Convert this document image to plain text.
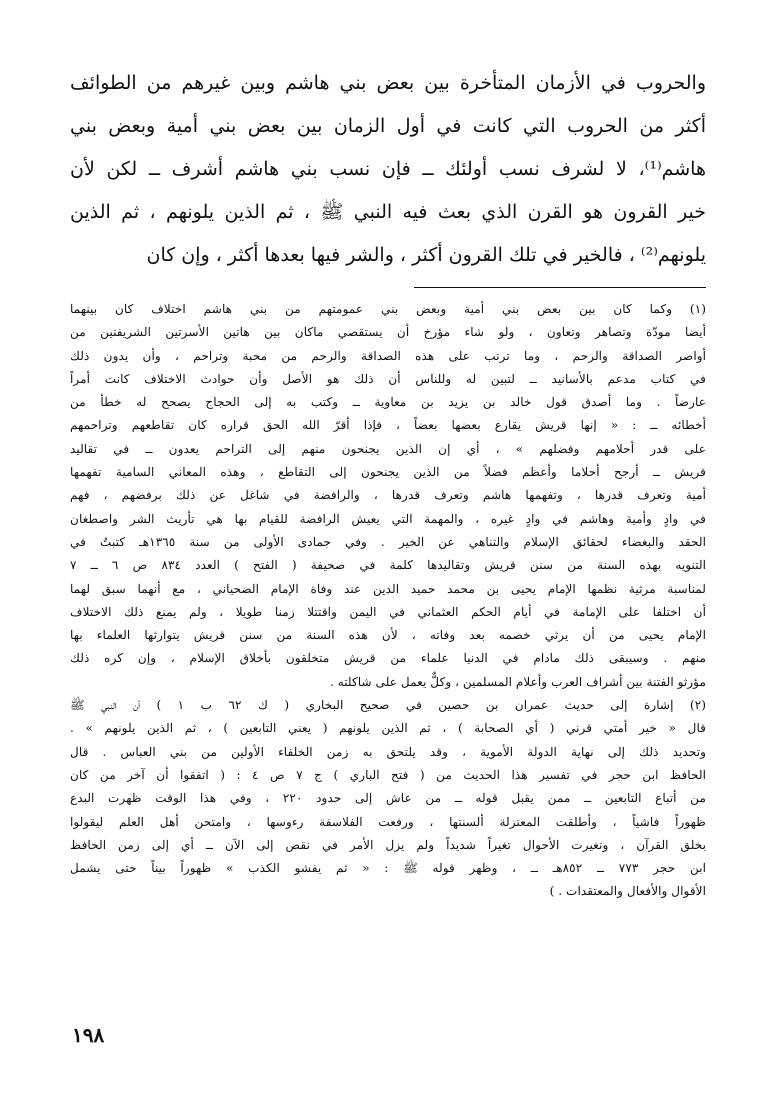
والحروب في الأزمان المتأخرة بين بعض بني هاشم وبين غيرهم من الطوائف
أكثر من الحروب التي كانت في أول الزمان بين بعض بني أمية وبعض بني
هاشم⁽¹⁾، لا لشرف نسب أولئك ــ فإن نسب بني هاشم أشرف ــ لكن لأن
خير القرون هو القرن الذي بعث فيه النبي ﷺ ، ثم الذين يلونهم ، ثم الذين
يلونهم⁽²⁾ ، فالخير في تلك القرون أكثر ، والشر فيها بعدها أكثر ، وإن كان
(١) وكما كان بين بعض بني أمية وبعض بني عمومتهم من بني هاشم اختلاف كان بينهما
أيضا مودّة وتصاهر وتعاون ، ولو شاء مؤرخ أن يستقصي ماكان بين هاتين الأسرتين الشريفتين من
أواصر الصداقة والرحم ، وما ترتب على هذه الصداقة والرحم من محبة وتراحم ، وأن يدون ذلك
في كتاب مدعم بالأسانيد ــ لتبين له وللناس أن ذلك هو الأصل وأن حوادث الاختلاف كانت أمراً
عارضاً . وما أصدق قول خالد بن يزيد بن معاوية ــ وكتب به إلى الحجاج يصحح له خطأ من
أخطائه ــ : « إنها قريش يقارع بعضها بعضاً ، فإذا أقرّ الله الحق قراره كان تقاطعهم وتراحمهم
على قدر أحلامهم وفضلهم » ، أي إن الذين يجنحون منهم إلى التراحم يعدون ــ في تقاليد
قريش ــ أرجح أحلاما وأعظم فضلاً من الذين يجنحون إلى التقاطع ، وهذه المعاني السامية تفهمها
أمية وتعرف قدرها ، وتفهمها هاشم وتعرف قدرها ، والرافضة في شاغل عن ذلك برفضهم ، فهم
في وادٍ وأمية وهاشم في وادٍ غيره ، والمهمة التي يعيش الرافضة للقيام بها هي تأريث الشر واصطغان
الحقد والبغضاء لحقائق الإسلام والتناهي عن الخير . وفي جمادى الأولى من سنة ١٣٦٥هـ كتبتُ في
التنويه بهذه السنة من سنن قريش وتقاليدها كلمة في صحيفة ( الفتح ) العدد ٨٣٤ ص ٦ ــ ٧
لمناسبة مرثية نظمها الإمام يحيى بن محمد حميد الدين عند وفاة الإمام الضحياني ، مع أنهما سبق لهما
أن اختلفا على الإمامة في أيام الحكم العثماني في اليمن واقتتلا زمنا طويلا ، ولم يمنع ذلك الاختلاف
الإمام يحيى من أن يرثي خصمه بعد وفاته ، لأن هذه السنة من سنن قريش يتوارثها العلماء بها
منهم . وسيبقى ذلك مادام في الدنيا علماء من قريش متخلقون بأخلاق الإسلام ، وإن كره ذلك
مؤرثو الفتنة بين أشراف العرب وأعلام المسلمين ، وكلٌّ يعمل على شاكلته .
(٢) إشارة إلى حديث عمران بن حصين في صحيح البخاري ( ك ٦٢ ب ١ ) أن النبي ﷺ
قال « خير أمتي قرني ( أي الصحابة ) ، ثم الذين يلونهم ( يعني التابعين ) ، ثم الذين يلونهم » .
وتحديد ذلك إلى نهاية الدولة الأموية ، وقد يلتحق به زمن الخلفاء الأولين من بني العباس . قال
الحافظ ابن حجر في تفسير هذا الحديث من ( فتح الباري ) ج ٧ ص ٤ : ( اتفقوا أن آخر من كان
من أتباع التابعين ــ ممن يقبل قوله ــ من عاش إلى حدود ٢٢٠ ، وفي هذا الوقت ظهرت البدع
ظهوراً فاشياً ، وأطلقت المعتزلة ألسنتها ، ورفعت الفلاسفة رءوسها ، وامتحن أهل العلم ليقولوا
بخلق القرآن ، وتغيرت الأحوال تغيراً شديداً ولم يزل الأمر في نقص إلى الآن ــ أي إلى زمن الحافظ
ابن حجر ٧٧٣ ــ ٨٥٢هـ ــ ، وظهر قوله ﷺ : « ثم يفشو الكذب » ظهوراً بيناً حتى يشمل
الأقوال والأفعال والمعتقدات . )
١٩٨
